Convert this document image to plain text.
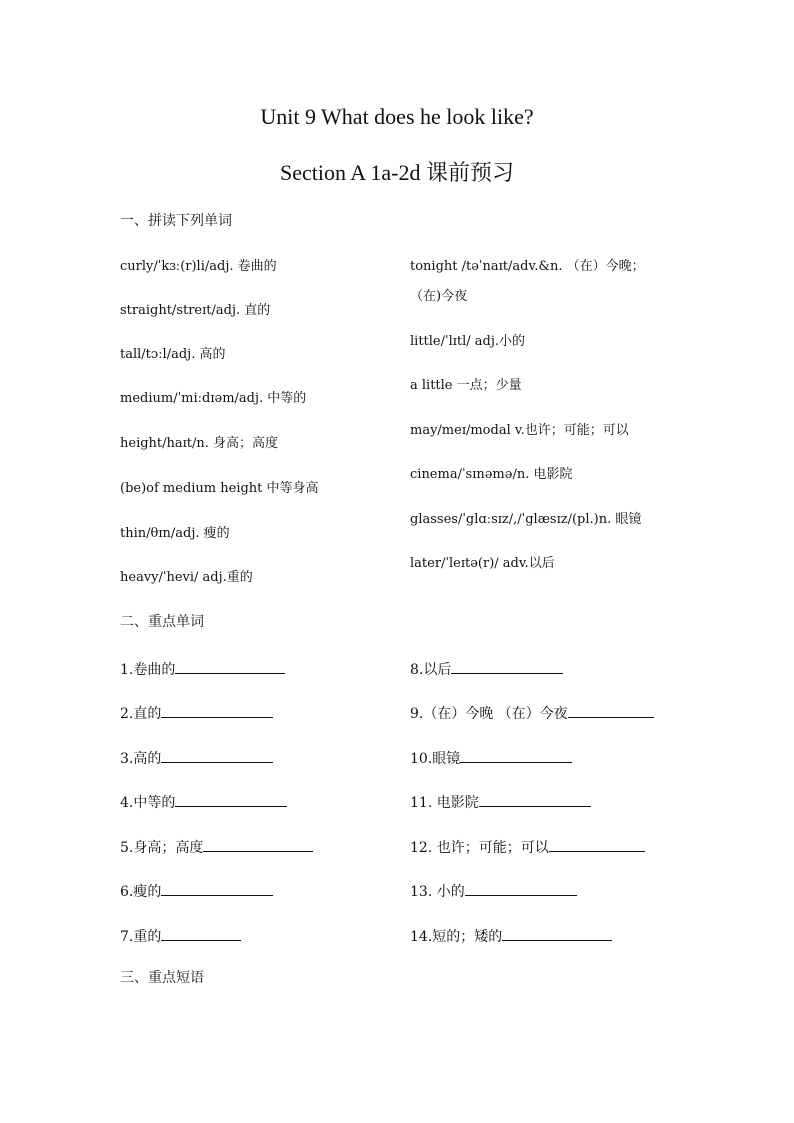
Unit 9 What does he look like?
Section A 1a-2d 课前预习
一、拼读下列单词
curly/ˈkɜː(r)li/adj. 卷曲的
straight/streɪt/adj. 直的
tall/tɔːl/adj. 高的
medium/ˈmiːdɪəm/adj. 中等的
height/haɪt/n. 身高；高度
(be)of medium height 中等身高
thin/θɪn/adj. 瘦的
heavy/ˈhevi/ adj.重的
tonight /təˈnaɪt/adv.&n. （在）今晚；
（在)今夜
little/ˈlɪtl/ adj.小的
a little 一点；少量
may/meɪ/modal v.也许；可能；可以
cinema/ˈsɪnəmə/n. 电影院
glasses/ˈglɑːsɪz/,/ˈglæsɪz/(pl.)n. 眼镜
later/ˈleɪtə(r)/ adv.以后
二、重点单词
1.卷曲的
2.直的
3.高的
4.中等的
5.身高；高度
6.瘦的
7.重的
8.以后
9.（在）今晚 （在）今夜
10.眼镜
11. 电影院
12. 也许；可能；可以
13. 小的
14.短的；矮的
三、重点短语
